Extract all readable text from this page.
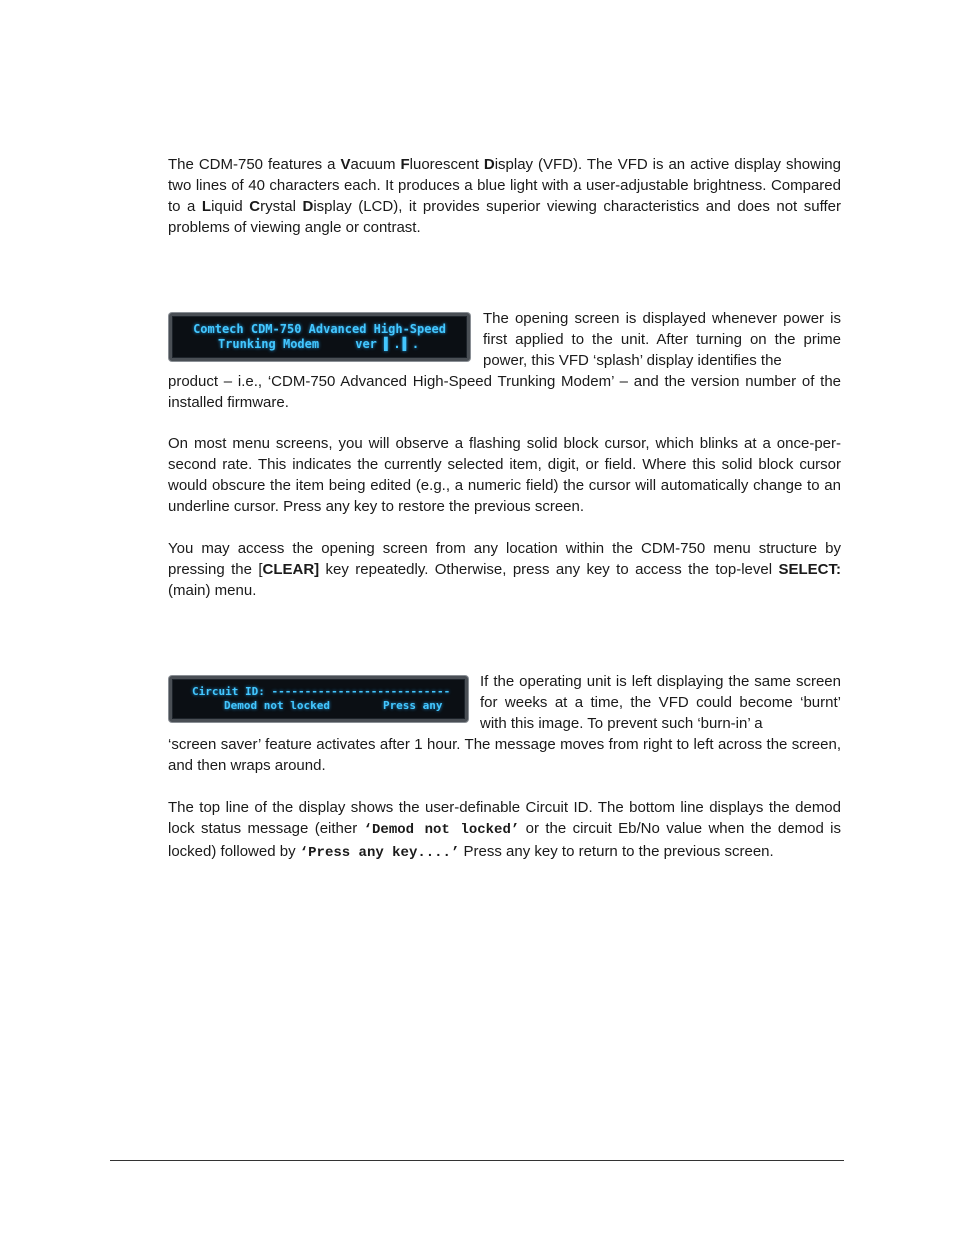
The CDM-750 features a Vacuum Fluorescent Display (VFD). The VFD is an active display showing two lines of 40 characters each. It produces a blue light with a user-adjustable brightness. Compared to a Liquid Crystal Display (LCD), it provides superior viewing characteristics and does not suffer problems of viewing angle or contrast.
Comtech CDM-750 Advanced High-Speed
Trunking Modem     ver ▌.▌.
The opening screen is displayed whenever power is first applied to the unit. After turning on the prime power, this VFD ‘splash’ display identifies the
product – i.e., ‘CDM-750 Advanced High-Speed Trunking Modem’ – and the version number of the installed firmware.
On most menu screens, you will observe a flashing solid block cursor, which blinks at a once-per-second rate. This indicates the currently selected item, digit, or field. Where this solid block cursor would obscure the item being edited (e.g., a numeric field) the cursor will automatically change to an underline cursor. Press any key to restore the previous screen.
You may access the opening screen from any location within the CDM-750 menu structure by pressing the [CLEAR] key repeatedly. Otherwise, press any key to access the top-level SELECT: (main) menu.
Circuit ID: ---------------------------
Demod not locked        Press any
If the operating unit is left displaying the same screen for weeks at a time, the VFD could become ‘burnt’ with this image. To prevent such ‘burn-in’ a
‘screen saver’ feature activates after 1 hour. The message moves from right to left across the screen, and then wraps around.
The top line of the display shows the user-definable Circuit ID. The bottom line displays the demod lock status message (either ‘Demod not locked’ or the circuit Eb/No value when the demod is locked) followed by ‘Press any key....’ Press any key to return to the previous screen.
